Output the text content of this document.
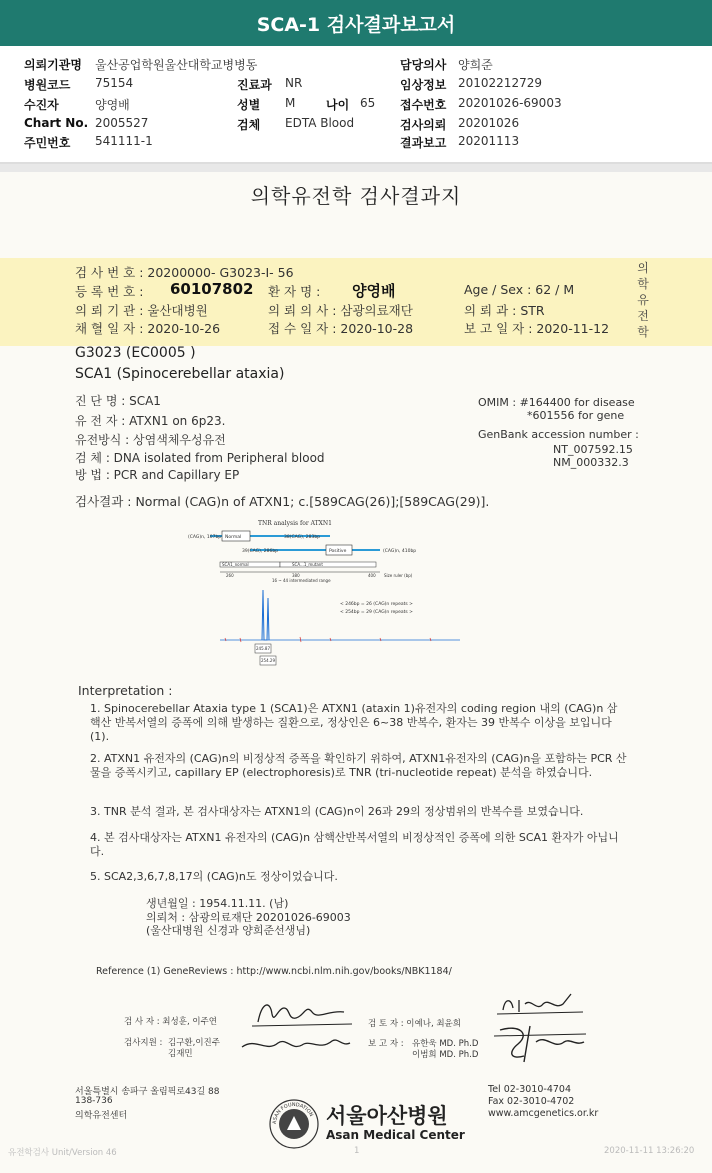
SCA-1 검사결과보고서
의뢰기관명 울산공업학원울산대학교병병동	담당의사 양희준
병원코드 75154	진료과 NR	임상정보 20102212729
수진자	양영배	성별 M	나이 65 접수번호 20201026-69003
Chart No. 2005527	검체 EDTA Blood	검사의뢰 20201026
주민번호 541111-1	결과보고 20201113
의학유전학 검사결과지
검 사 번 호 : 20200000- G3023-I- 56
등 록 번 호 : 60107802 환 자 명 : 양영배	Age / Sex : 62 / M
의 뢰 기 관 : 울산대병원	의 뢰 의 사 : 삼광의료재단	의 뢰 과 : STR
채 혈 일 자 : 2020-10-26	접 수 일 자 : 2020-10-28	보 고 일 자 : 2020-11-12
의
학
유
전
학
G3023 (EC0005 )
SCA1 (Spinocerebellar ataxia)
진 단 명 : SCA1
유 전 자 : ATXN1 on 6p23.
유전방식 : 상염색체우성유전
검 체 : DNA isolated from Peripheral blood
방 법 : PCR and Capillary EP
OMIM : #164400 for disease
*601556 for gene
GenBank accession number :
NT_007592.15
NM_000332.3
검사결과 : Normal (CAG)n of ATXN1; c.[589CAG(26)];[589CAG(29)].
TNR analysis for ATXN1
Normal
(CAG)n, 107bp	38(CAG), 283bp
Positive
39(CAG), 286bp	(CAG)n, 410bp
SCA1_normal	SCA...1_mutant
260	380	400 Size ruler (bp)
16 ~ 44 intermediated range
< 246bp = 26 (CAG)n repeats >
< 254bp = 29 (CAG)n repeats >
245.87
254.29
Interpretation :
1. Spinocerebellar Ataxia type 1 (SCA1)은 ATXN1 (ataxin 1)유전자의 coding region 내의 (CAG)n 삼핵산 반복서열의 증폭에 의해 발생하는 질환으로, 정상인은 6~38 반복수, 환자는 39 반복수 이상을 보입니다(1).
2. ATXN1 유전자의 (CAG)n의 비정상적 증폭을 확인하기 위하여, ATXN1유전자의 (CAG)n을 포함하는 PCR 산물을 증폭시키고, capillary EP (electrophoresis)로 TNR (tri-nucleotide repeat) 분석을 하였습니다.
3. TNR 분석 결과, 본 검사대상자는 ATXN1의 (CAG)n이 26과 29의 정상범위의 반복수를 보였습니다.
4. 본 검사대상자는 ATXN1 유전자의 (CAG)n 삼핵산반복서열의 비정상적인 증폭에 의한 SCA1 환자가 아닙니다.
5. SCA2,3,6,7,8,17의 (CAG)n도 정상이었습니다.
생년월일 : 1954.11.11. (남)
의뢰처 : 삼광의료재단 20201026-69003
(울산대병원 신경과 양희준선생님)
Reference (1) GeneReviews : http://www.ncbi.nlm.nih.gov/books/NBK1184/
검 사 자 : 최성훈, 이주연
검사지원 : 김구환,이진주
김재민
검 토 자 : 이예나, 최윤희
보 고 자 : 유한욱 MD. Ph.D
이범희 MD. Ph.D
서울특별시 송파구 올림픽로43길 88
138-736
의학유전센터
Tel 02-3010-4704
Fax 02-3010-4702
www.amcgenetics.or.kr
ASAN FOUNDATION 서울아산병원
Asan Medical Center
유전학검사 Unit/Version 46	1	2020-11-11 13:26:20
